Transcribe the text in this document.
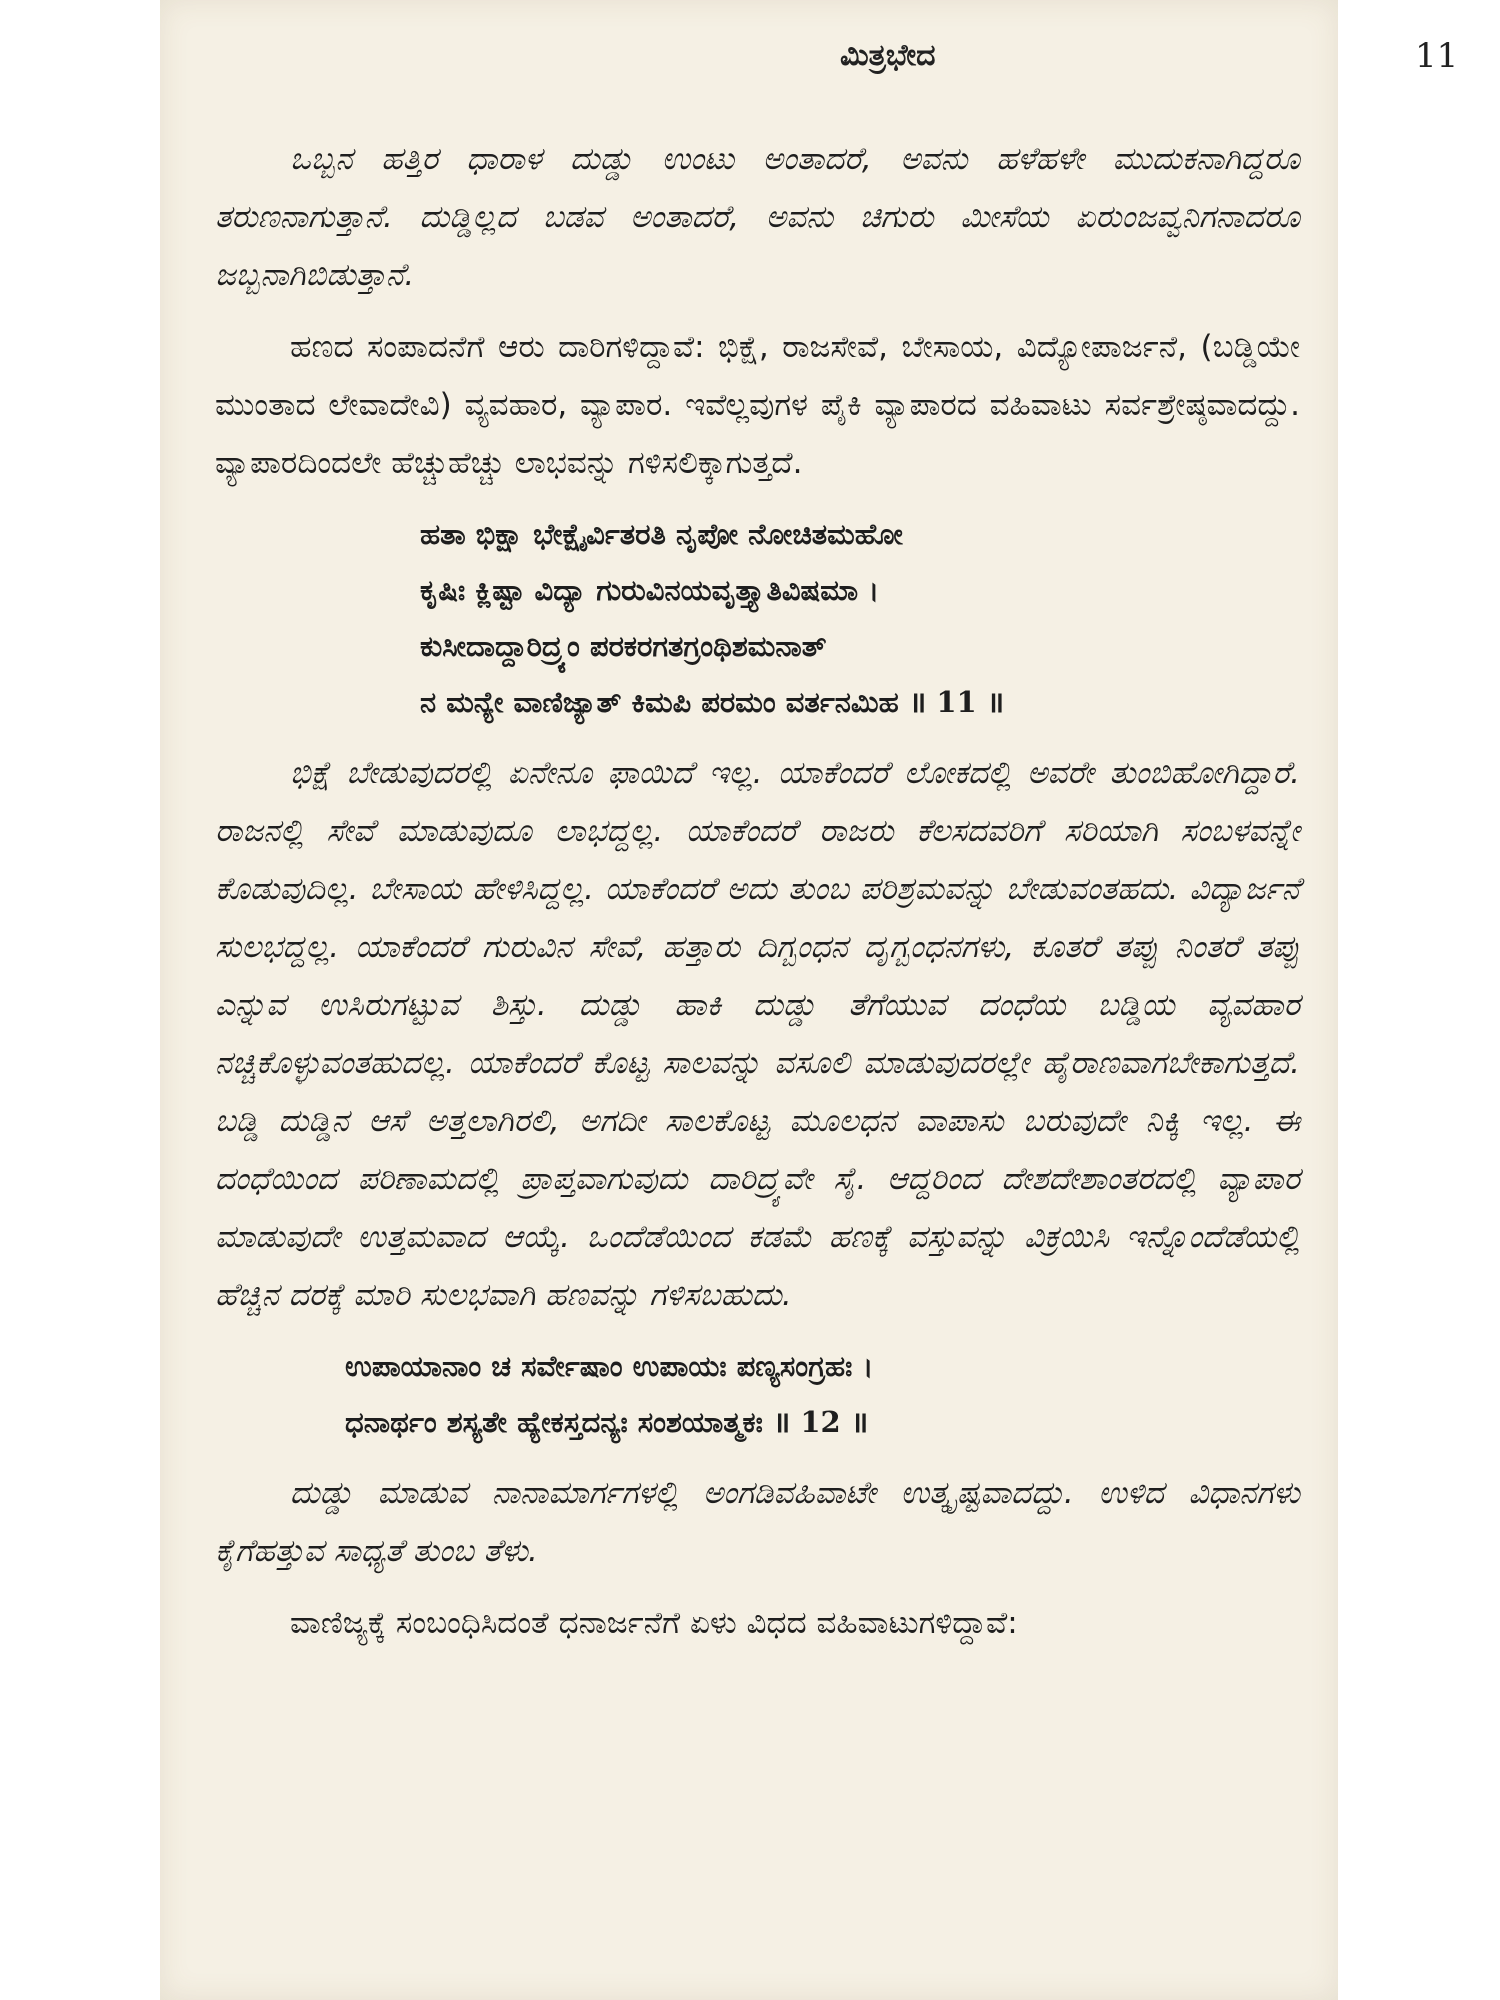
ಮಿತ್ರಭೇದ	11

ಒಬ್ಬನ ಹತ್ತಿರ ಧಾರಾಳ ದುಡ್ಡು ಉಂಟು ಅಂತಾದರೆ, ಅವನು ಹಳೆಹಳೇ ಮುದುಕನಾಗಿದ್ದರೂ ತರುಣನಾಗುತ್ತಾನೆ. ದುಡ್ಡಿಲ್ಲದ ಬಡವ ಅಂತಾದರೆ, ಅವನು ಚಿಗುರು ಮೀಸೆಯ ಏರುಂಜವ್ವನಿಗನಾದರೂ ಜಬ್ಬನಾಗಿಬಿಡುತ್ತಾನೆ.

ಹಣದ ಸಂಪಾದನೆಗೆ ಆರು ದಾರಿಗಳಿದ್ದಾವೆ: ಭಿಕ್ಷೆ, ರಾಜಸೇವೆ, ಬೇಸಾಯ, ವಿದ್ಯೋಪಾರ್ಜನೆ, (ಬಡ್ಡಿಯೇ ಮುಂತಾದ ಲೇವಾದೇವಿ) ವ್ಯವಹಾರ, ವ್ಯಾಪಾರ. ಇವೆಲ್ಲವುಗಳ ಪೈಕಿ ವ್ಯಾಪಾರದ ವಹಿವಾಟು ಸರ್ವಶ್ರೇಷ್ಠವಾದದ್ದು. ವ್ಯಾಪಾರದಿಂದಲೇ ಹೆಚ್ಚುಹೆಚ್ಚು ಲಾಭವನ್ನು ಗಳಿಸಲಿಕ್ಕಾಗುತ್ತದೆ.

ಹತಾ ಭಿಕ್ಷಾ ಭೇಕ್ಷೈರ್ವಿತರತಿ ನೃಪೋ ನೋಚಿತಮಹೋ
ಕೃಷಿಃ ಕ್ಲಿಷ್ಟಾ ವಿದ್ಯಾ ಗುರುವಿನಯವೃತ್ತ್ಯಾತಿವಿಷಮಾ ।
ಕುಸೀದಾದ್ದಾರಿದ್ರ್ಯಂ ಪರಕರಗತಗ್ರಂಥಿಶಮನಾತ್
ನ ಮನ್ಯೇ ವಾಣಿಜ್ಯಾತ್ ಕಿಮಪಿ ಪರಮಂ ವರ್ತನಮಿಹ ॥ 11 ॥

ಭಿಕ್ಷೆ ಬೇಡುವುದರಲ್ಲಿ ಏನೇನೂ ಫಾಯಿದೆ ಇಲ್ಲ. ಯಾಕೆಂದರೆ ಲೋಕದಲ್ಲಿ ಅವರೇ ತುಂಬಿಹೋಗಿದ್ದಾರೆ. ರಾಜನಲ್ಲಿ ಸೇವೆ ಮಾಡುವುದೂ ಲಾಭದ್ದಲ್ಲ. ಯಾಕೆಂದರೆ ರಾಜರು ಕೆಲಸದವರಿಗೆ ಸರಿಯಾಗಿ ಸಂಬಳವನ್ನೇ ಕೊಡುವುದಿಲ್ಲ. ಬೇಸಾಯ ಹೇಳಿಸಿದ್ದಲ್ಲ. ಯಾಕೆಂದರೆ ಅದು ತುಂಬ ಪರಿಶ್ರಮವನ್ನು ಬೇಡುವಂತಹದು. ವಿದ್ಯಾರ್ಜನೆ ಸುಲಭದ್ದಲ್ಲ. ಯಾಕೆಂದರೆ ಗುರುವಿನ ಸೇವೆ, ಹತ್ತಾರು ದಿಗ್ಬಂಧನ ದೃಗ್ಬಂಧನಗಳು, ಕೂತರೆ ತಪ್ಪು ನಿಂತರೆ ತಪ್ಪು ಎನ್ನುವ ಉಸಿರುಗಟ್ಟುವ ಶಿಸ್ತು. ದುಡ್ಡು ಹಾಕಿ ದುಡ್ಡು ತೆಗೆಯುವ ದಂಧೆಯ ಬಡ್ಡಿಯ ವ್ಯವಹಾರ ನಚ್ಚಿಕೊಳ್ಳುವಂತಹುದಲ್ಲ. ಯಾಕೆಂದರೆ ಕೊಟ್ಟ ಸಾಲವನ್ನು ವಸೂಲಿ ಮಾಡುವುದರಲ್ಲೇ ಹೈರಾಣವಾಗಬೇಕಾಗುತ್ತದೆ. ಬಡ್ಡಿ ದುಡ್ಡಿನ ಆಸೆ ಅತ್ತಲಾಗಿರಲಿ, ಅಗದೀ ಸಾಲಕೊಟ್ಟ ಮೂಲಧನ ವಾಪಾಸು ಬರುವುದೇ ನಿಕ್ಕಿ ಇಲ್ಲ. ಈ ದಂಧೆಯಿಂದ ಪರಿಣಾಮದಲ್ಲಿ ಪ್ರಾಪ್ತವಾಗುವುದು ದಾರಿದ್ರ್ಯವೇ ಸೈ. ಆದ್ದರಿಂದ ದೇಶದೇಶಾಂತರದಲ್ಲಿ ವ್ಯಾಪಾರ ಮಾಡುವುದೇ ಉತ್ತಮವಾದ ಆಯ್ಕೆ. ಒಂದೆಡೆಯಿಂದ ಕಡಮೆ ಹಣಕ್ಕೆ ವಸ್ತುವನ್ನು ವಿಕ್ರಯಿಸಿ ಇನ್ನೊಂದೆಡೆಯಲ್ಲಿ ಹೆಚ್ಚಿನ ದರಕ್ಕೆ ಮಾರಿ ಸುಲಭವಾಗಿ ಹಣವನ್ನು ಗಳಿಸಬಹುದು.

ಉಪಾಯಾನಾಂ ಚ ಸರ್ವೇಷಾಂ ಉಪಾಯಃ ಪಣ್ಯಸಂಗ್ರಹಃ ।
ಧನಾರ್ಥಂ ಶಸ್ಯತೇ ಹ್ಯೇಕಸ್ತದನ್ಯಃ ಸಂಶಯಾತ್ಮಕಃ ॥ 12 ॥

ದುಡ್ಡು ಮಾಡುವ ನಾನಾಮಾರ್ಗಗಳಲ್ಲಿ ಅಂಗಡಿವಹಿವಾಟೇ ಉತ್ಕೃಷ್ಟವಾದದ್ದು. ಉಳಿದ ವಿಧಾನಗಳು ಕೈಗೆಹತ್ತುವ ಸಾಧ್ಯತೆ ತುಂಬ ತೆಳು.

ವಾಣಿಜ್ಯಕ್ಕೆ ಸಂಬಂಧಿಸಿದಂತೆ ಧನಾರ್ಜನೆಗೆ ಏಳು ವಿಧದ ವಹಿವಾಟುಗಳಿದ್ದಾವೆ:
